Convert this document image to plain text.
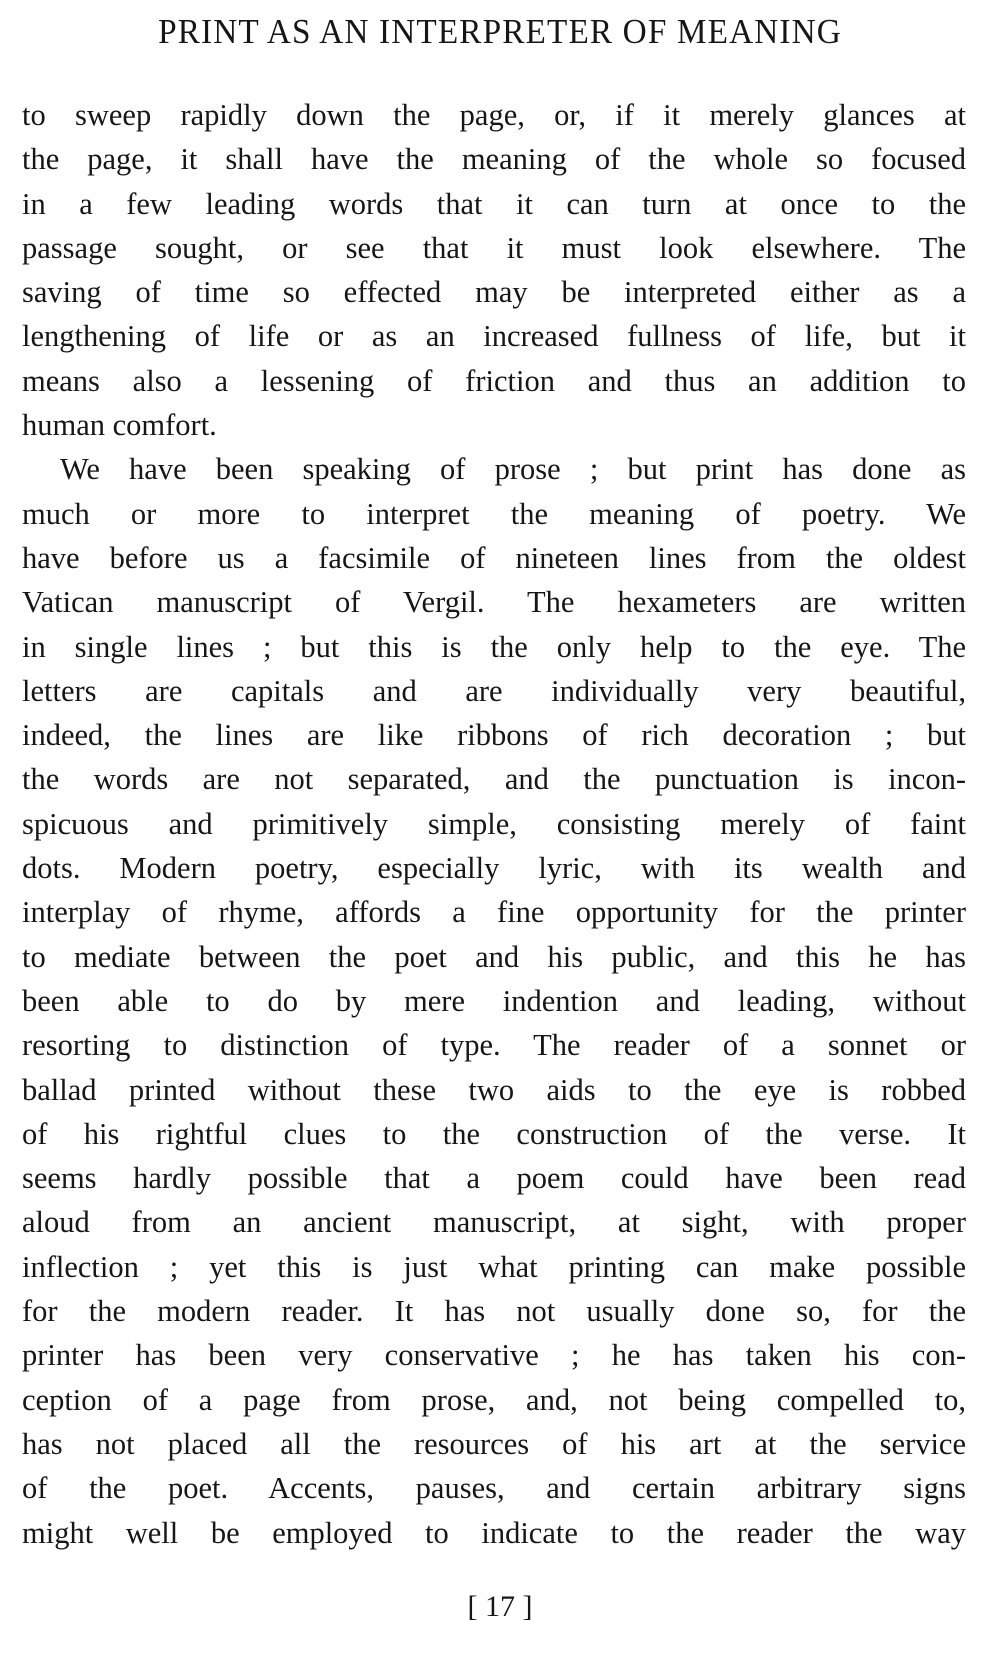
PRINT AS AN INTERPRETER OF MEANING
to sweep rapidly down the page, or, if it merely glances at
the page, it shall have the meaning of the whole so focused
in a few leading words that it can turn at once to the
passage sought, or see that it must look elsewhere. The
saving of time so effected may be interpreted either as a
lengthening of life or as an increased fullness of life, but it
means also a lessening of friction and thus an addition to
human comfort.
We have been speaking of prose ; but print has done as
much or more to interpret the meaning of poetry. We
have before us a facsimile of nineteen lines from the oldest
Vatican manuscript of Vergil. The hexameters are written
in single lines ; but this is the only help to the eye. The
letters are capitals and are individually very beautiful,
indeed, the lines are like ribbons of rich decoration ; but
the words are not separated, and the punctuation is incon-
spicuous and primitively simple, consisting merely of faint
dots. Modern poetry, especially lyric, with its wealth and
interplay of rhyme, affords a fine opportunity for the printer
to mediate between the poet and his public, and this he has
been able to do by mere indention and leading, without
resorting to distinction of type. The reader of a sonnet or
ballad printed without these two aids to the eye is robbed
of his rightful clues to the construction of the verse. It
seems hardly possible that a poem could have been read
aloud from an ancient manuscript, at sight, with proper
inflection ; yet this is just what printing can make possible
for the modern reader. It has not usually done so, for the
printer has been very conservative ; he has taken his con-
ception of a page from prose, and, not being compelled to,
has not placed all the resources of his art at the service
of the poet. Accents, pauses, and certain arbitrary signs
might well be employed to indicate to the reader the way
[ 17 ]
